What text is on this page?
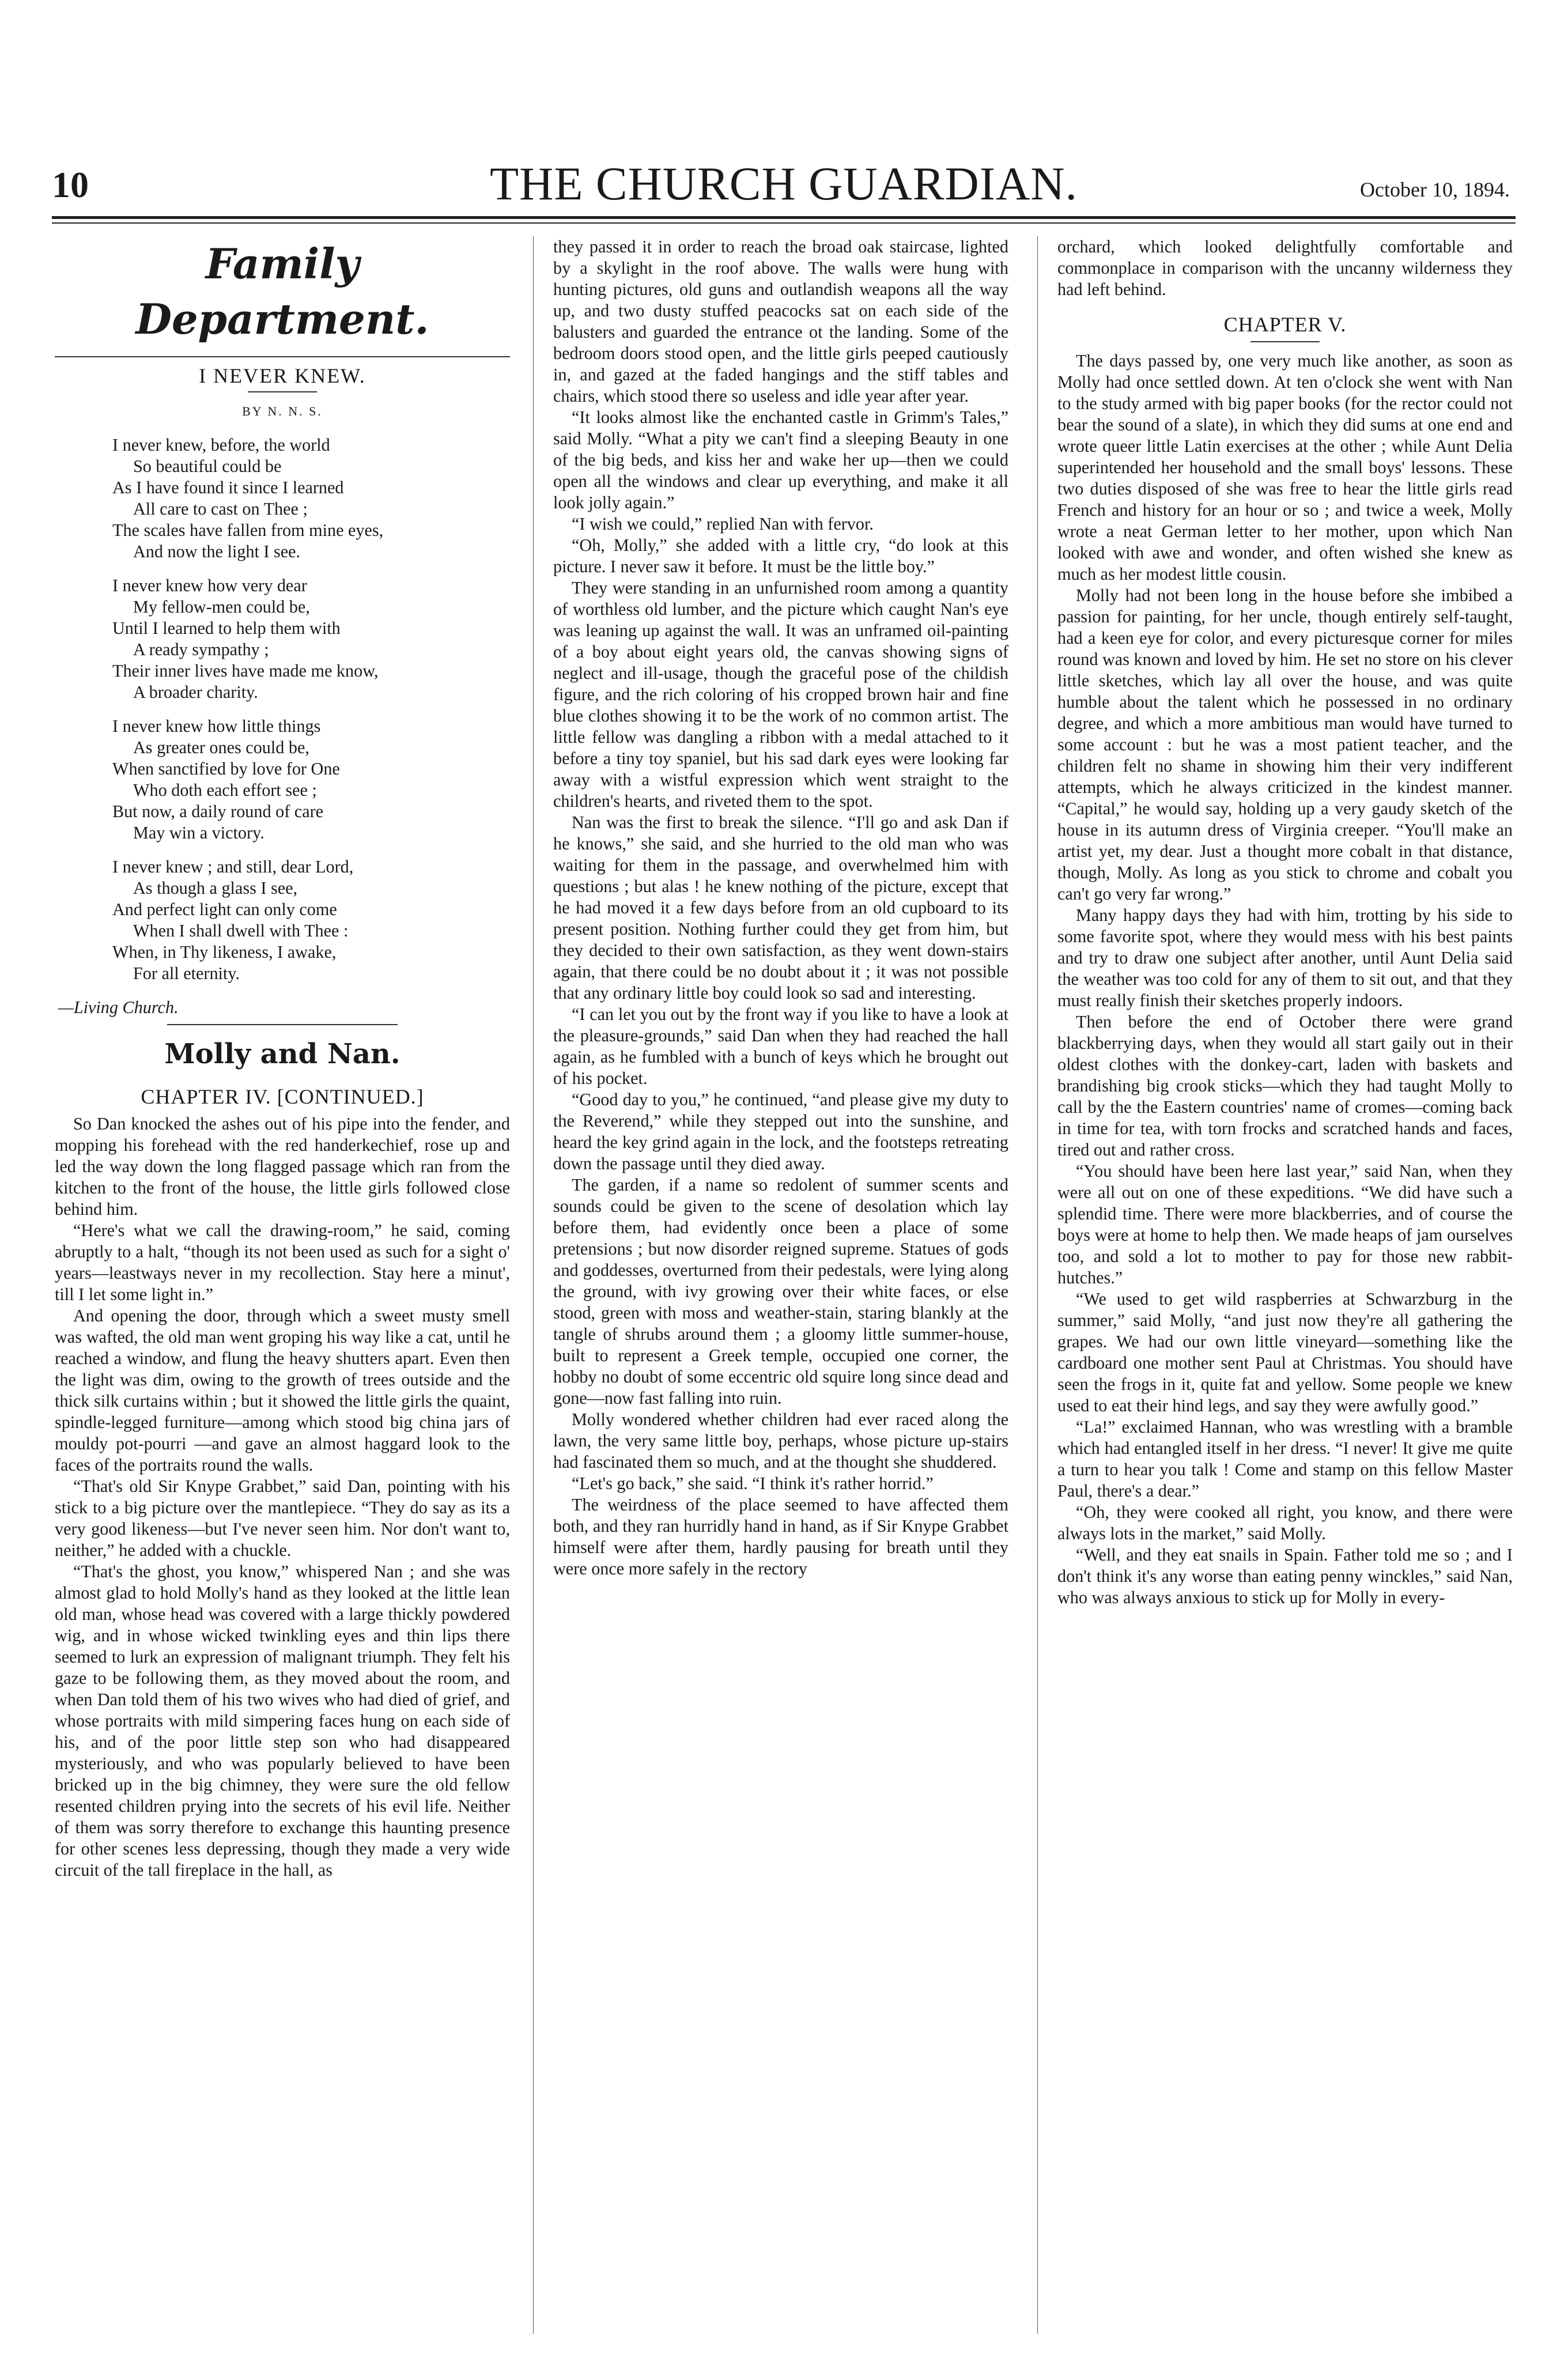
10	THE CHURCH GUARDIAN.	October 10, 1894.
Family Department.
I NEVER KNEW.
BY N. N. S.
I never knew, before, the world
So beautiful could be
As I have found it since I learned
All care to cast on Thee ;
The scales have fallen from mine eyes,
And now the light I see.
I never knew how very dear
My fellow-men could be,
Until I learned to help them with
A ready sympathy ;
Their inner lives have made me know,
A broader charity.
I never knew how little things
As greater ones could be,
When sanctified by love for One
Who doth each effort see ;
But now, a daily round of care
May win a victory.
I never knew ; and still, dear Lord,
As though a glass I see,
And perfect light can only come
When I shall dwell with Thee :
When, in Thy likeness, I awake,
For all eternity.
—Living Church.
Molly and Nan.
CHAPTER IV. [CONTINUED.]

So Dan knocked the ashes out of his pipe into the fender, and mopping his forehead with the red handerkechief, rose up and led the way down the long flagged passage which ran from the kitchen to the front of the house, the little girls followed close behind him.

“Here's what we call the drawing-room,” he said, coming abruptly to a halt, “though its not been used as such for a sight o' years—leastways never in my recollection. Stay here a minut', till I let some light in.”

And opening the door, through which a sweet musty smell was wafted, the old man went groping his way like a cat, until he reached a window, and flung the heavy shutters apart. Even then the light was dim, owing to the growth of trees outside and the thick silk curtains within ; but it showed the little girls the quaint, spindle-legged furniture—among which stood big china jars of mouldy pot-pourri —and gave an almost haggard look to the faces of the portraits round the walls.

“That's old Sir Knype Grabbet,” said Dan, pointing with his stick to a big picture over the mantlepiece. “They do say as its a very good likeness—but I've never seen him. Nor don't want to, neither,” he added with a chuckle.

“That's the ghost, you know,” whispered Nan ; and she was almost glad to hold Molly's hand as they looked at the little lean old man, whose head was covered with a large thickly powdered wig, and in whose wicked twinkling eyes and thin lips there seemed to lurk an expression of malignant triumph. They felt his gaze to be following them, as they moved about the room, and when Dan told them of his two wives who had died of grief, and whose portraits with mild simpering faces hung on each side of his, and of the poor little step son who had disappeared mysteriously, and who was popularly believed to have been bricked up in the big chimney, they were sure the old fellow resented children prying into the secrets of his evil life. Neither of them was sorry therefore to exchange this haunting presence for other scenes less depressing, though they made a very wide circuit of the tall fireplace in the hall, as

they passed it in order to reach the broad oak staircase, lighted by a skylight in the roof above. The walls were hung with hunting pictures, old guns and outlandish weapons all the way up, and two dusty stuffed peacocks sat on each side of the balusters and guarded the entrance ot the landing. Some of the bedroom doors stood open, and the little girls peeped cautiously in, and gazed at the faded hangings and the stiff tables and chairs, which stood there so useless and idle year after year.

“It looks almost like the enchanted castle in Grimm's Tales,” said Molly. “What a pity we can't find a sleeping Beauty in one of the big beds, and kiss her and wake her up—then we could open all the windows and clear up everything, and make it all look jolly again.”

“I wish we could,” replied Nan with fervor.

“Oh, Molly,” she added with a little cry, “do look at this picture. I never saw it before. It must be the little boy.”

They were standing in an unfurnished room among a quantity of worthless old lumber, and the picture which caught Nan's eye was leaning up against the wall. It was an unframed oil-painting of a boy about eight years old, the canvas showing signs of neglect and ill-usage, though the graceful pose of the childish figure, and the rich coloring of his cropped brown hair and fine blue clothes showing it to be the work of no common artist. The little fellow was dangling a ribbon with a medal attached to it before a tiny toy spaniel, but his sad dark eyes were looking far away with a wistful expression which went straight to the children's hearts, and riveted them to the spot.

Nan was the first to break the silence. “I'll go and ask Dan if he knows,” she said, and she hurried to the old man who was waiting for them in the passage, and overwhelmed him with questions ; but alas ! he knew nothing of the picture, except that he had moved it a few days before from an old cupboard to its present position. Nothing further could they get from him, but they decided to their own satisfaction, as they went down-stairs again, that there could be no doubt about it ; it was not possible that any ordinary little boy could look so sad and interesting.

“I can let you out by the front way if you like to have a look at the pleasure-grounds,” said Dan when they had reached the hall again, as he fumbled with a bunch of keys which he brought out of his pocket.

“Good day to you,” he continued, “and please give my duty to the Reverend,” while they stepped out into the sunshine, and heard the key grind again in the lock, and the footsteps retreating down the passage until they died away.

The garden, if a name so redolent of summer scents and sounds could be given to the scene of desolation which lay before them, had evidently once been a place of some pretensions ; but now disorder reigned supreme. Statues of gods and goddesses, overturned from their pedestals, were lying along the ground, with ivy growing over their white faces, or else stood, green with moss and weather-stain, staring blankly at the tangle of shrubs around them ; a gloomy little summer-house, built to represent a Greek temple, occupied one corner, the hobby no doubt of some eccentric old squire long since dead and gone—now fast falling into ruin.

Molly wondered whether children had ever raced along the lawn, the very same little boy, perhaps, whose picture up-stairs had fascinated them so much, and at the thought she shuddered.

“Let's go back,” she said. “I think it's rather horrid.”

The weirdness of the place seemed to have affected them both, and they ran hurridly hand in hand, as if Sir Knype Grabbet himself were after them, hardly pausing for breath until they were once more safely in the rectory

orchard, which looked delightfully comfortable and commonplace in comparison with the uncanny wilderness they had left behind.

CHAPTER V.

The days passed by, one very much like another, as soon as Molly had once settled down. At ten o'clock she went with Nan to the study armed with big paper books (for the rector could not bear the sound of a slate), in which they did sums at one end and wrote queer little Latin exercises at the other ; while Aunt Delia superintended her household and the small boys' lessons. These two duties disposed of she was free to hear the little girls read French and history for an hour or so ; and twice a week, Molly wrote a neat German letter to her mother, upon which Nan looked with awe and wonder, and often wished she knew as much as her modest little cousin.

Molly had not been long in the house before she imbibed a passion for painting, for her uncle, though entirely self-taught, had a keen eye for color, and every picturesque corner for miles round was known and loved by him. He set no store on his clever little sketches, which lay all over the house, and was quite humble about the talent which he possessed in no ordinary degree, and which a more ambitious man would have turned to some account : but he was a most patient teacher, and the children felt no shame in showing him their very indifferent attempts, which he always criticized in the kindest manner. “Capital,” he would say, holding up a very gaudy sketch of the house in its autumn dress of Virginia creeper. “You'll make an artist yet, my dear. Just a thought more cobalt in that distance, though, Molly. As long as you stick to chrome and cobalt you can't go very far wrong.”

Many happy days they had with him, trotting by his side to some favorite spot, where they would mess with his best paints and try to draw one subject after another, until Aunt Delia said the weather was too cold for any of them to sit out, and that they must really finish their sketches properly indoors.

Then before the end of October there were grand blackberrying days, when they would all start gaily out in their oldest clothes with the donkey-cart, laden with baskets and brandishing big crook sticks—which they had taught Molly to call by the the Eastern countries' name of cromes—coming back in time for tea, with torn frocks and scratched hands and faces, tired out and rather cross.

“You should have been here last year,” said Nan, when they were all out on one of these expeditions. “We did have such a splendid time. There were more blackberries, and of course the boys were at home to help then. We made heaps of jam ourselves too, and sold a lot to mother to pay for those new rabbit-hutches.”

“We used to get wild raspberries at Schwarzburg in the summer,” said Molly, “and just now they're all gathering the grapes. We had our own little vineyard—something like the cardboard one mother sent Paul at Christmas. You should have seen the frogs in it, quite fat and yellow. Some people we knew used to eat their hind legs, and say they were awfully good.”

“La!” exclaimed Hannan, who was wrestling with a bramble which had entangled itself in her dress. “I never! It give me quite a turn to hear you talk ! Come and stamp on this fellow Master Paul, there's a dear.”

“Oh, they were cooked all right, you know, and there were always lots in the market,” said Molly.

“Well, and they eat snails in Spain. Father told me so ; and I don't think it's any worse than eating penny winckles,” said Nan, who was always anxious to stick up for Molly in every-
